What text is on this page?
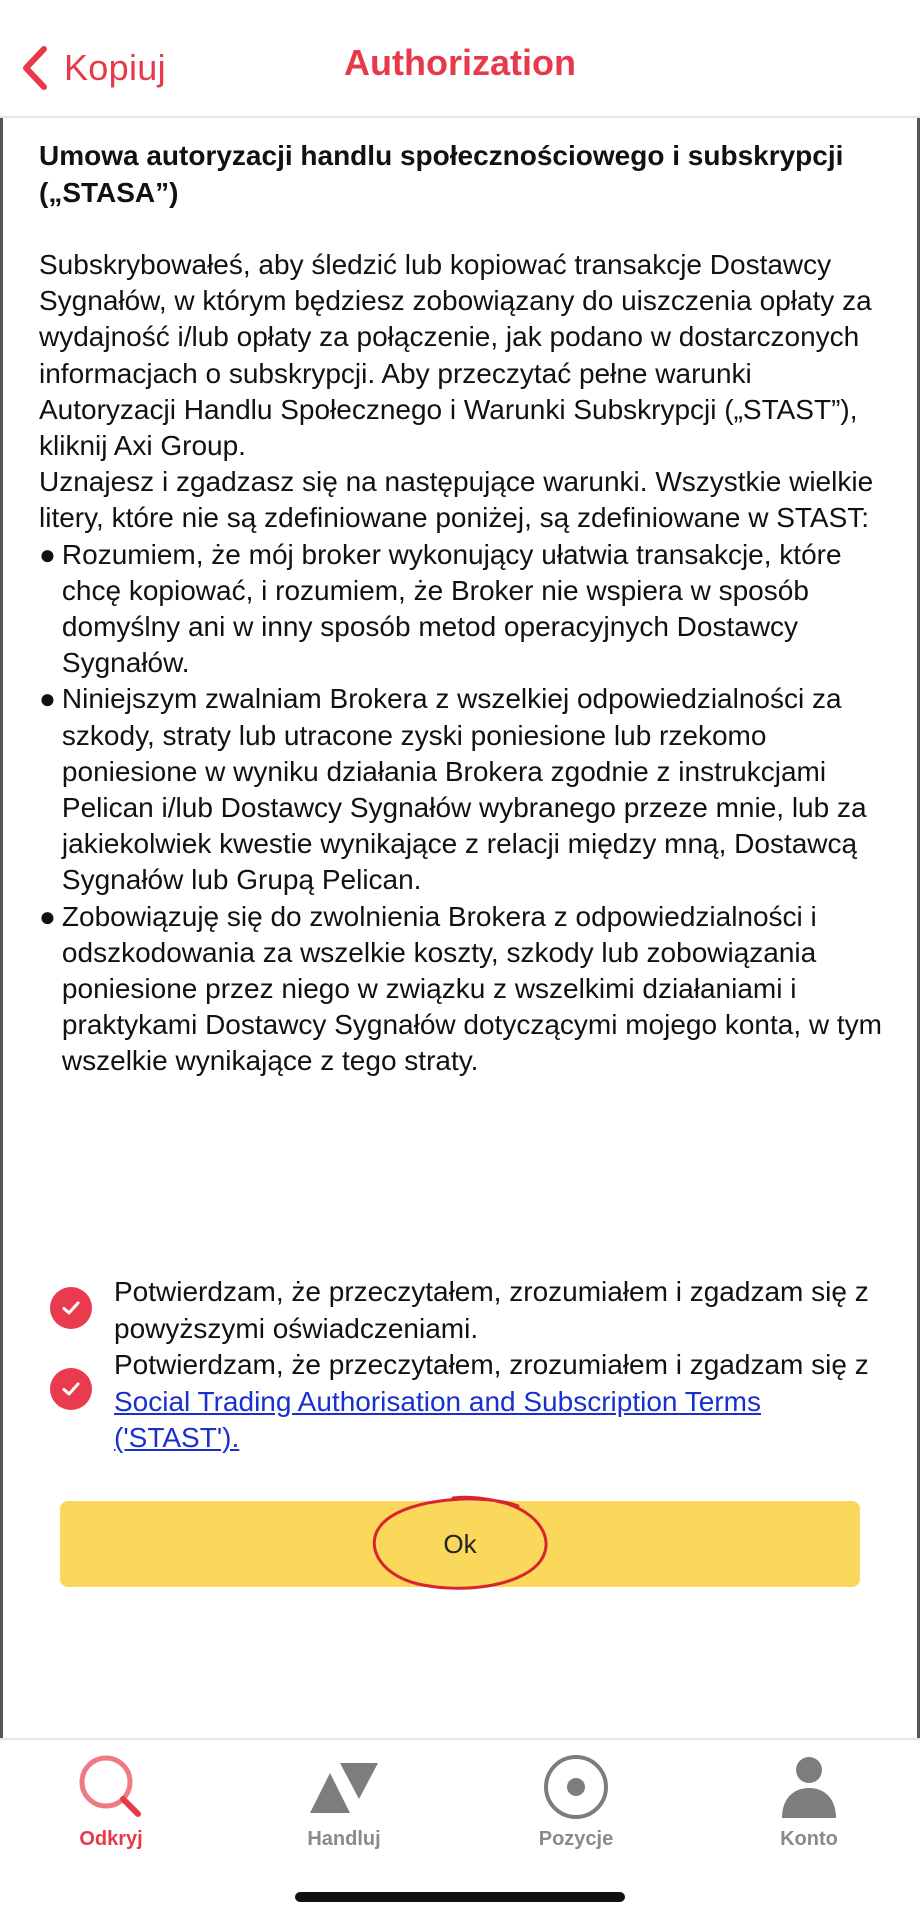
Kopiuj	Authorization
Umowa autoryzacji handlu społecznościowego i subskrypcji („STASA”)

Subskrybowałeś, aby śledzić lub kopiować transakcje Dostawcy Sygnałów, w którym będziesz zobowiązany do uiszczenia opłaty za wydajność i/lub opłaty za połączenie, jak podano w dostarczonych informacjach o subskrypcji. Aby przeczytać pełne warunki Autoryzacji Handlu Społecznego i Warunki Subskrypcji („STAST”), kliknij Axi Group.

Uznajesz i zgadzasz się na następujące warunki. Wszystkie wielkie litery, które nie są zdefiniowane poniżej, są zdefiniowane w STAST:

● Rozumiem, że mój broker wykonujący ułatwia transakcje, które chcę kopiować, i rozumiem, że Broker nie wspiera w sposób domyślny ani w inny sposób metod operacyjnych Dostawcy Sygnałów.
● Niniejszym zwalniam Brokera z wszelkiej odpowiedzialności za szkody, straty lub utracone zyski poniesione lub rzekomo poniesione w wyniku działania Brokera zgodnie z instrukcjami Pelican i/lub Dostawcy Sygnałów wybranego przeze mnie, lub za jakiekolwiek kwestie wynikające z relacji między mną, Dostawcą Sygnałów lub Grupą Pelican.
● Zobowiązuję się do zwolnienia Brokera z odpowiedzialności i odszkodowania za wszelkie koszty, szkody lub zobowiązania poniesione przez niego w związku z wszelkimi działaniami i praktykami Dostawcy Sygnałów dotyczącymi mojego konta, w tym wszelkie wynikające z tego straty.
Potwierdzam, że przeczytałem, zrozumiałem i zgadzam się z powyższymi oświadczeniami.
Potwierdzam, że przeczytałem, zrozumiałem i zgadzam się z Social Trading Authorisation and Subscription Terms ('STAST').
Ok
Odkryj	Handluj	Pozycje	Konto
